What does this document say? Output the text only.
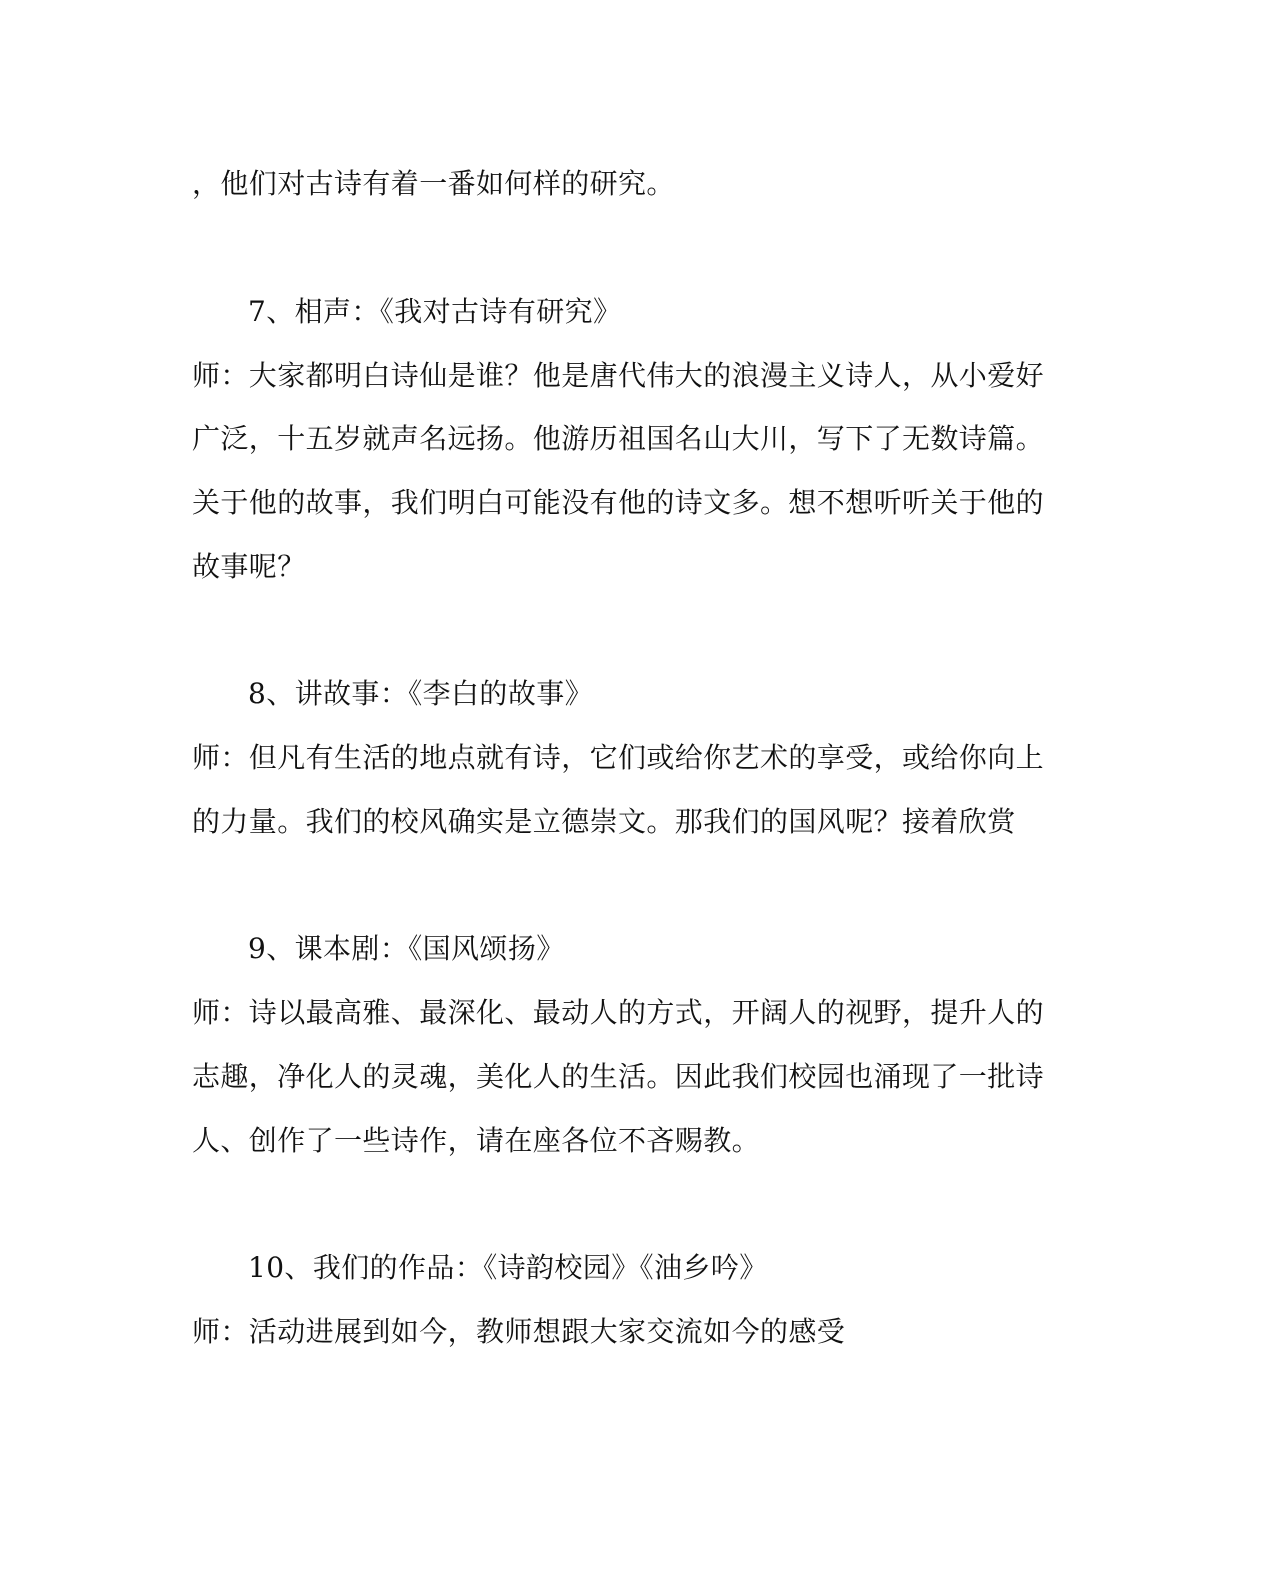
，他们对古诗有着一番如何样的研究。
7、相声：《我对古诗有研究》
师：大家都明白诗仙是谁？他是唐代伟大的浪漫主义诗人，从小爱好
广泛，十五岁就声名远扬。他游历祖国名山大川，写下了无数诗篇。
关于他的故事，我们明白可能没有他的诗文多。想不想听听关于他的
故事呢？
8、讲故事：《李白的故事》
师：但凡有生活的地点就有诗，它们或给你艺术的享受，或给你向上
的力量。我们的校风确实是立德崇文。那我们的国风呢？接着欣赏
9、课本剧：《国风颂扬》
师：诗以最高雅、最深化、最动人的方式，开阔人的视野，提升人的
志趣，净化人的灵魂，美化人的生活。因此我们校园也涌现了一批诗
人、创作了一些诗作，请在座各位不吝赐教。
10、我们的作品：《诗韵校园》《油乡吟》
师：活动进展到如今，教师想跟大家交流如今的感受
